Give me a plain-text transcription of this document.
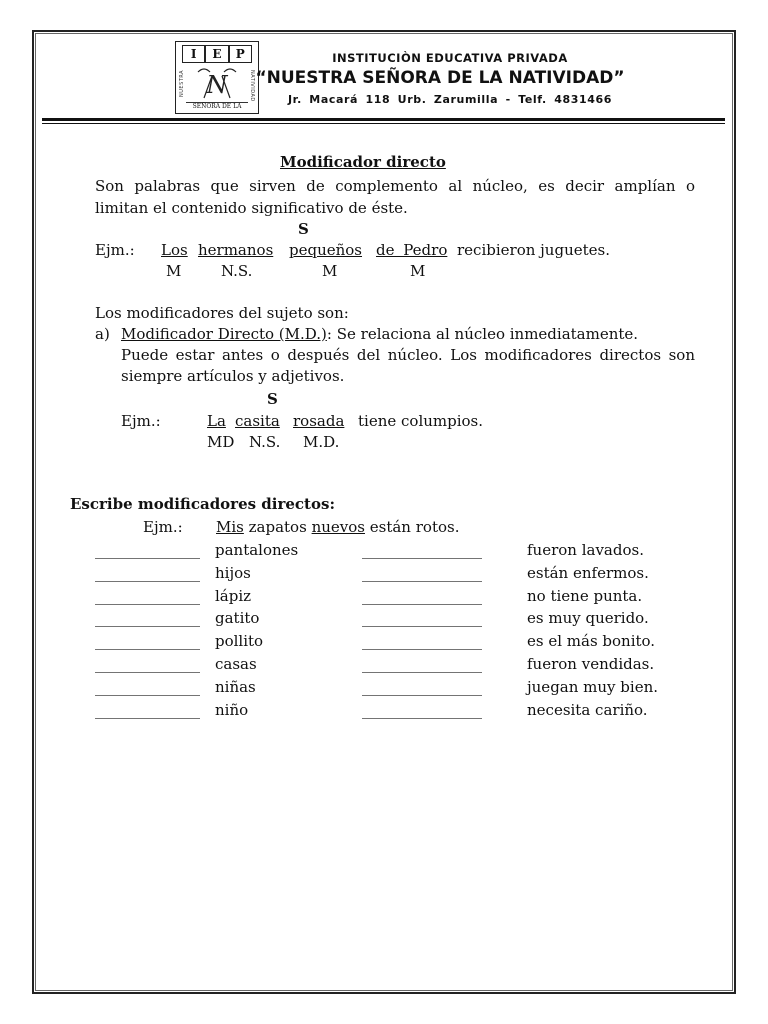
I	E	P
NUESTRA	NATIVIDAD
N
SEÑORA DE LA
INSTITUCIÒN EDUCATIVA PRIVADA
“NUESTRA SEÑORA DE LA NATIVIDAD”
Jr. Macará 118 Urb. Zarumilla - Telf. 4831466
Modificador directo
Son palabras que sirven de complemento al núcleo, es decir amplían o
limitan el contenido significativo de éste.
S
Ejm.: Los hermanos pequeños de Pedro recibieron juguetes.
M	N.S.	M	M
Los modificadores del sujeto son:
a) Modificador Directo (M.D.): Se relaciona al núcleo inmediatamente.
Puede estar antes o después del núcleo. Los modificadores directos son
siempre artículos y adjetivos.
S
Ejm.:	La casita rosada tiene columpios.
MD N.S. M.D.
Escribe modificadores directos:
Ejm.: Mis zapatos nuevos están rotos.
______________ pantalones	________________	fueron lavados.
______________ hijos	________________	están enfermos.
______________ lápiz	________________	no tiene punta.
______________ gatito	________________	es muy querido.
______________ pollito	________________	es el más bonito.
______________ casas	________________	fueron vendidas.
______________ niñas	________________	juegan muy bien.
______________ niño	________________	necesita cariño.
